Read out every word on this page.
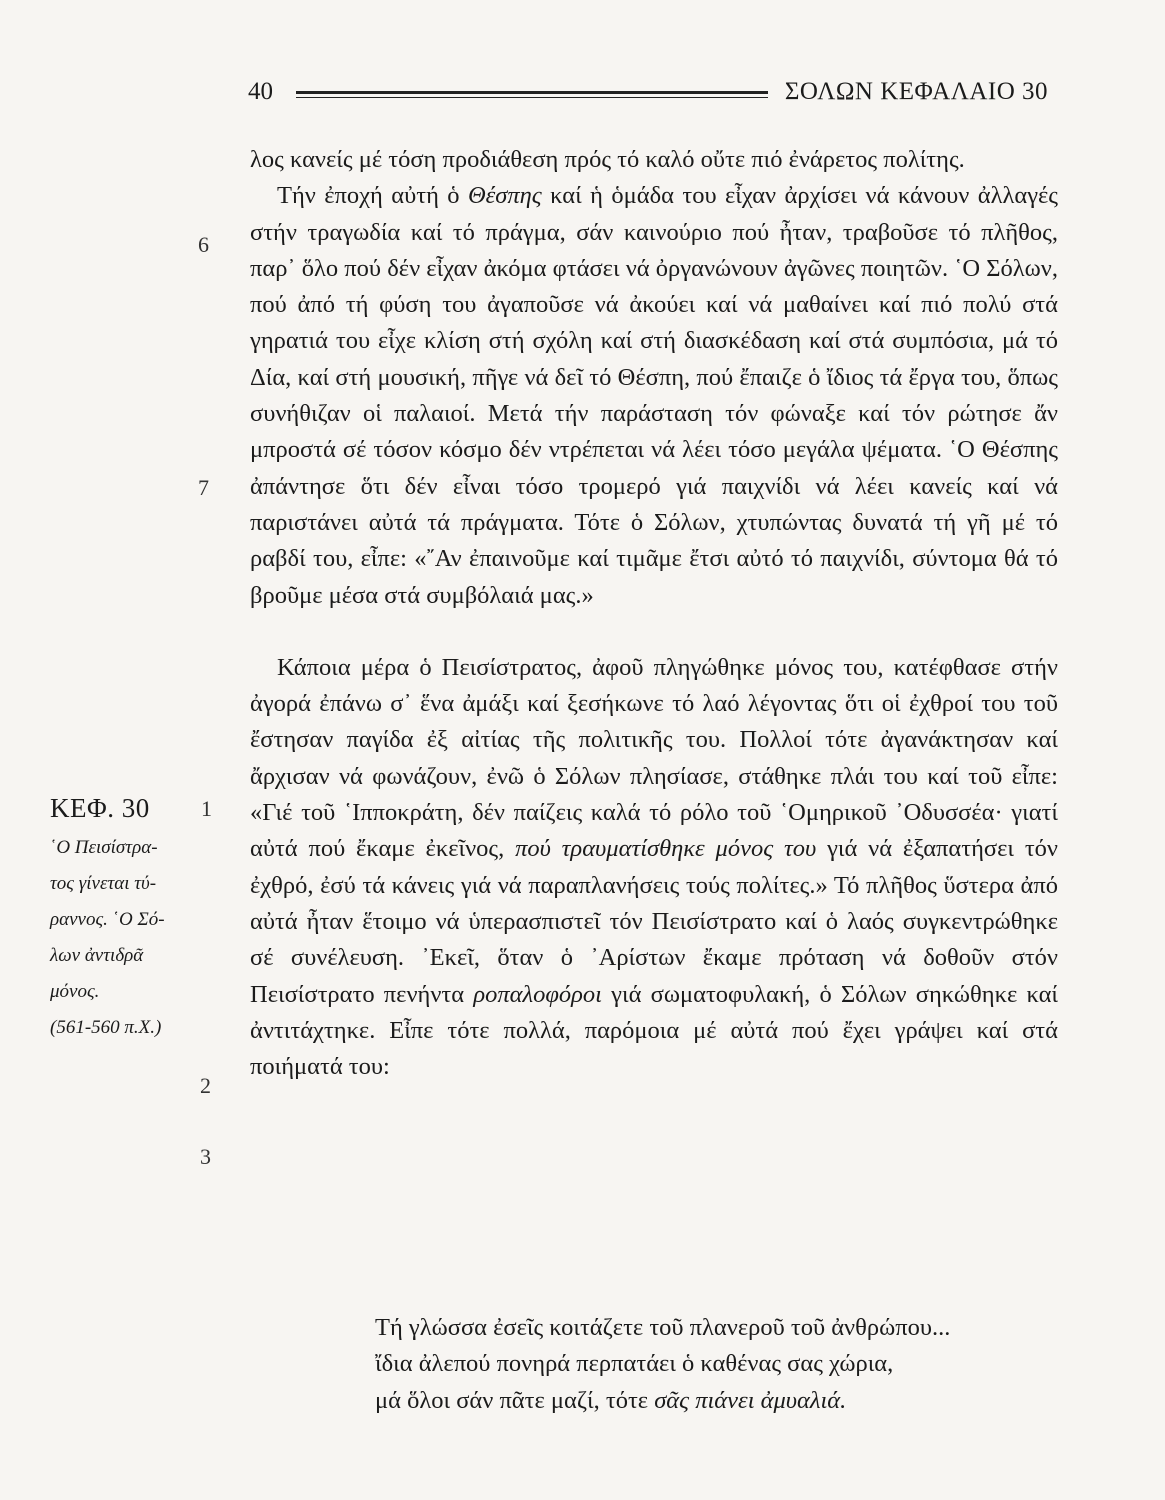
40	ΣΟΛΩΝ ΚΕΦΑΛΑΙΟ 30
6
7
1
2
3
ΚΕΦ. 30
῾Ο Πεισίστρα-
τος γίνεται τύ-
ραννος. ῾Ο Σό-
λων ἀντιδρᾶ
μόνος.
(561-560 π.Χ.)

λος κανείς μέ τόση προδιάθεση πρός τό καλό οὔτε πιό ἐνάρετος πολίτης.

Τήν ἐποχή αὐτή ὁ Θέσπης καί ἡ ὁμάδα του εἶχαν ἀρχίσει νά κάνουν ἀλλαγές στήν τραγωδία καί τό πράγμα, σάν καινούριο πού ἦταν, τραβοῦσε τό πλῆθος, παρ᾿ ὅλο πού δέν εἶχαν ἀκόμα φτάσει νά ὀργανώνουν ἀγῶνες ποιητῶν. ῾Ο Σόλων, πού ἀπό τή φύση του ἀγαποῦσε νά ἀκούει καί νά μαθαίνει καί πιό πολύ στά γηρατιά του εἶχε κλίση στή σχόλη καί στή διασκέδαση καί στά συμπόσια, μά τό Δία, καί στή μουσική, πῆγε νά δεῖ τό Θέσπη, πού ἔπαιζε ὁ ἴδιος τά ἔργα του, ὅπως συνήθιζαν οἱ παλαιοί. Μετά τήν παράσταση τόν φώναξε καί τόν ρώτησε ἄν μπροστά σέ τόσον κόσμο δέν ντρέπεται νά λέει τόσο μεγάλα ψέματα. ῾Ο Θέσπης ἀπάντησε ὅτι δέν εἶναι τόσο τρομερό γιά παιχνίδι νά λέει κανείς καί νά παριστάνει αὐτά τά πράγματα. Τότε ὁ Σόλων, χτυπώντας δυνατά τή γῆ μέ τό ραβδί του, εἶπε: «῎Αν ἐπαινοῦμε καί τιμᾶμε ἔτσι αὐτό τό παιχνίδι, σύντομα θά τό βροῦμε μέσα στά συμβόλαιά μας.»

Κάποια μέρα ὁ Πεισίστρατος, ἀφοῦ πληγώθηκε μόνος του, κατέφθασε στήν ἀγορά ἐπάνω σ᾿ ἕνα ἀμάξι καί ξεσήκωνε τό λαό λέγοντας ὅτι οἱ ἐχθροί του τοῦ ἔστησαν παγίδα ἐξ αἰτίας τῆς πολιτικῆς του. Πολλοί τότε ἀγανάκτησαν καί ἄρχισαν νά φωνάζουν, ἐνῶ ὁ Σόλων πλησίασε, στάθηκε πλάι του καί τοῦ εἶπε: «Γιέ τοῦ ῾Ιπποκράτη, δέν παίζεις καλά τό ρόλο τοῦ ῾Ομηρικοῦ ᾿Οδυσσέα· γιατί αὐτά πού ἔκαμε ἐκεῖνος, πού τραυματίσθηκε μόνος του γιά νά ἐξαπατήσει τόν ἐχθρό, ἐσύ τά κάνεις γιά νά παραπλανήσεις τούς πολίτες.» Τό πλῆθος ὕστερα ἀπό αὐτά ἦταν ἕτοιμο νά ὑπερασπιστεῖ τόν Πεισίστρατο καί ὁ λαός συγκεντρώθηκε σέ συνέλευση. ᾿Εκεῖ, ὅταν ὁ ᾿Αρίστων ἔκαμε πρόταση νά δοθοῦν στόν Πεισίστρατο πενήντα ροπαλοφόροι γιά σωματοφυλακή, ὁ Σόλων σηκώθηκε καί ἀντιτάχτηκε. Εἶπε τότε πολλά, παρόμοια μέ αὐτά πού ἔχει γράψει καί στά ποιήματά του:

Τή γλώσσα ἐσεῖς κοιτάζετε τοῦ πλανεροῦ τοῦ ἀνθρώπου...
ἴδια ἀλεπού πονηρά περπατάει ὁ καθένας σας χώρια,
μά ὅλοι σάν πᾶτε μαζί, τότε σᾶς πιάνει ἀμυαλιά.
